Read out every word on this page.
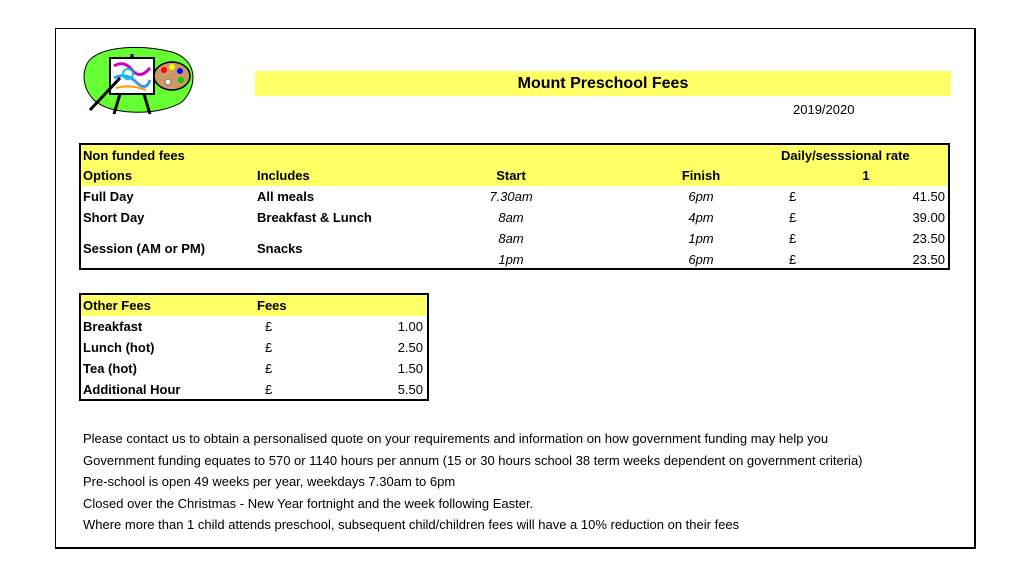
Mount Preschool Fees
2019/2020
Non funded fees	Daily/sesssional rate
Options	Includes	Start	Finish	1
Full Day	All meals	7.30am	6pm	£	41.50
Short Day	Breakfast & Lunch	8am	4pm	£	39.00
Session (AM or PM)	Snacks
8am	1pm	£	23.50
1pm	6pm	£	23.50
Other Fees	Fees
Breakfast	£	1.00
Lunch (hot)	£	2.50
Tea (hot)	£	1.50
Additional Hour	£	5.50
Please contact us to obtain a personalised quote on your requirements and information on how government funding may help you
Government funding equates to 570 or 1140 hours per annum (15 or 30 hours school 38 term weeks dependent on government criteria)
Pre-school is open 49 weeks per year, weekdays 7.30am to 6pm
Closed over the Christmas - New Year fortnight and the week following Easter.
Where more than 1 child attends preschool, subsequent child/children fees will have a 10% reduction on their fees
